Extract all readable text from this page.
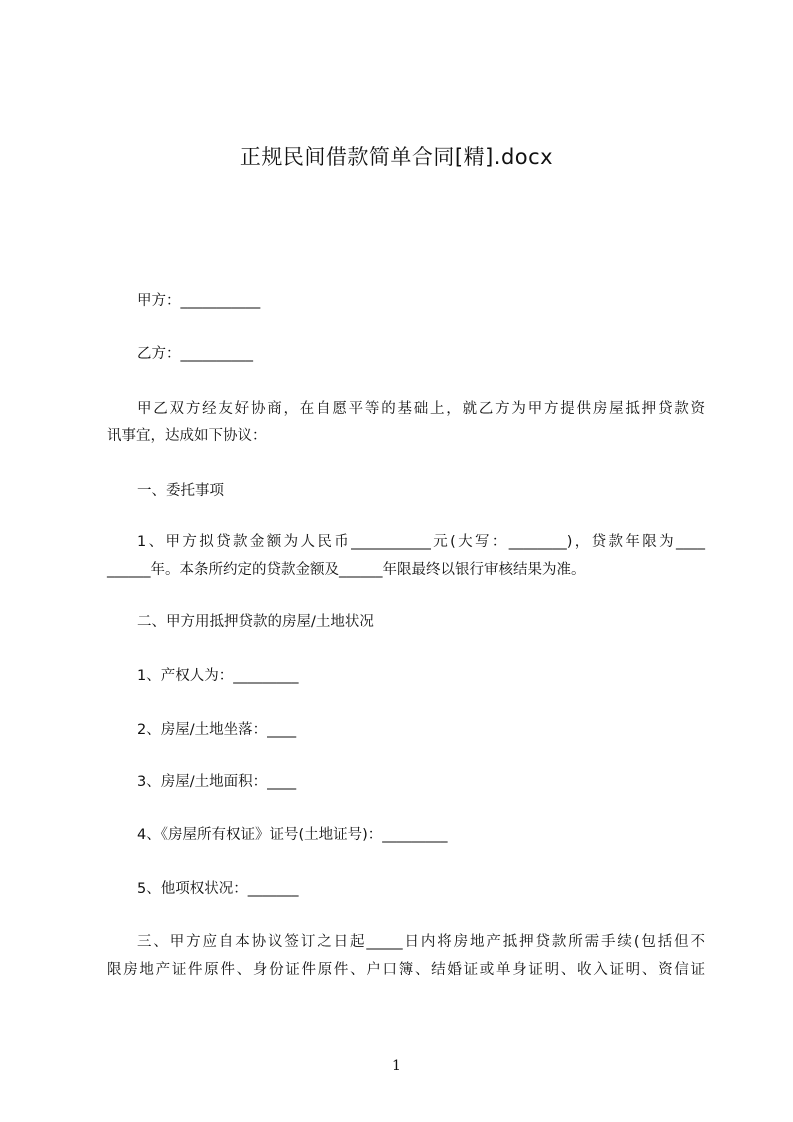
正规民间借款简单合同[精].docx
甲方：___________
乙方：__________
甲乙双方经友好协商，在自愿平等的基础上，就乙方为甲方提供房屋抵押贷款资
讯事宜，达成如下协议：
一、委托事项
1、甲方拟贷款金额为人民币___________元(大写：________)，贷款年限为____
______年。本条所约定的贷款金额及______年限最终以银行审核结果为准。
二、甲方用抵押贷款的房屋/土地状况
1、产权人为：_________
2、房屋/土地坐落：____
3、房屋/土地面积：____
4、《房屋所有权证》证号(土地证号)：_________
5、他项权状况：_______
三、甲方应自本协议签订之日起_____日内将房地产抵押贷款所需手续(包括但不
限房地产证件原件、身份证件原件、户口簿、结婚证或单身证明、收入证明、资信证
1
